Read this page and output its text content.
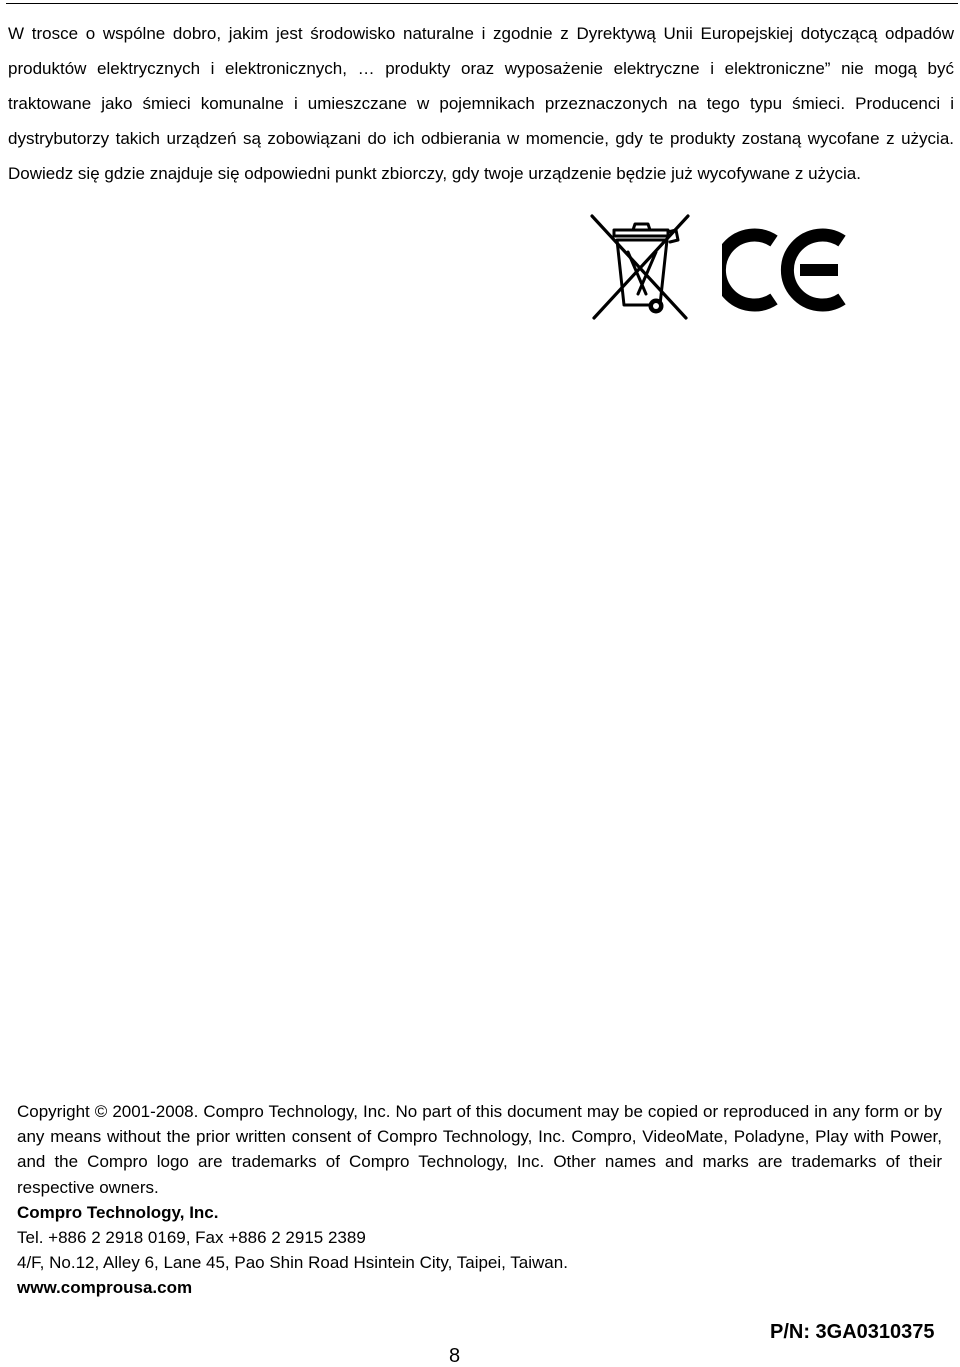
W trosce o wspólne dobro, jakim jest środowisko naturalne i zgodnie z Dyrektywą Unii Europejskiej dotyczącą odpadów produktów elektrycznych i elektronicznych, … produkty oraz wyposażenie elektryczne i elektroniczne” nie mogą być traktowane jako śmieci komunalne i umieszczane w pojemnikach przeznaczonych na tego typu śmieci. Producenci i dystrybutorzy takich urządzeń są zobowiązani do ich odbierania w momencie, gdy te produkty zostaną wycofane z użycia. Dowiedz się gdzie znajduje się odpowiedni punkt zbiorczy, gdy twoje urządzenie będzie już wycofywane z użycia.

Copyright © 2001-2008. Compro Technology, Inc. No part of this document may be copied or reproduced in any form or by any means without the prior written consent of Compro Technology, Inc. Compro, VideoMate, Poladyne, Play with Power, and the Compro logo are trademarks of Compro Technology, Inc. Other names and marks are trademarks of their respective owners.

Compro Technology, Inc.

Tel. +886 2 2918 0169, Fax +886 2 2915 2389

4/F, No.12, Alley 6, Lane 45, Pao Shin Road Hsintein City, Taipei, Taiwan.

www.comprousa.com

8
P/N: 3GA0310375
